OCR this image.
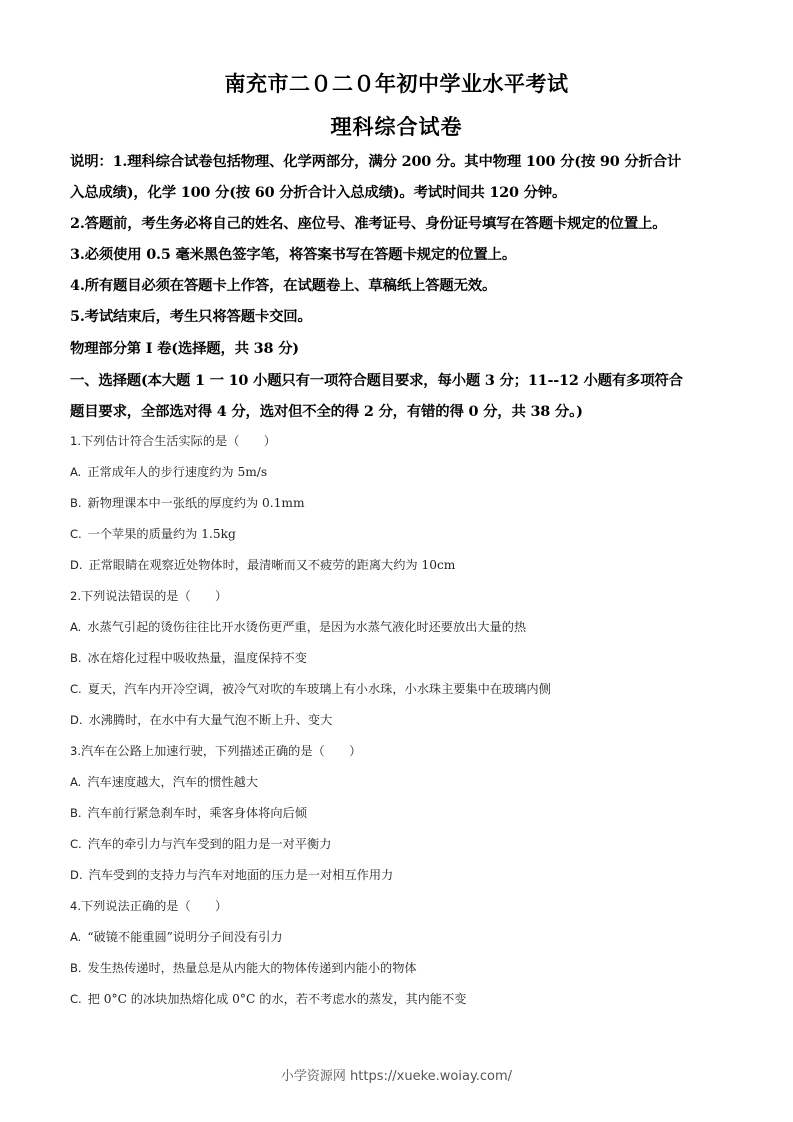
南充市二０二０年初中学业水平考试
理科综合试卷
说明：1.理科综合试卷包括物理、化学两部分，满分 200 分。其中物理 100 分(按 90 分折合计
入总成绩)，化学 100 分(按 60 分折合计入总成绩)。考试时间共 120 分钟。
2.答题前，考生务必将自己的姓名、座位号、准考证号、身份证号填写在答题卡规定的位置上。
3.必须使用 0.5 毫米黑色签字笔，将答案书写在答题卡规定的位置上。
4.所有题目必须在答题卡上作答，在试题卷上、草稿纸上答题无效。
5.考试结束后，考生只将答题卡交回。
物理部分第 I 卷(选择题，共 38 分)
一、选择题(本大题 1 一 10 小题只有一项符合题目要求，每小题 3 分；11--12 小题有多项符合
题目要求，全部选对得 4 分，选对但不全的得 2 分，有错的得 0 分，共 38 分。)
1.下列估计符合生活实际的是（　　）
A. 正常成年人的步行速度约为 5m/s
B. 新物理课本中一张纸的厚度约为 0.1mm
C. 一个苹果的质量约为 1.5kg
D. 正常眼睛在观察近处物体时，最清晰而又不疲劳的距离大约为 10cm
2.下列说法错误的是（　　）
A. 水蒸气引起的烫伤往往比开水烫伤更严重，是因为水蒸气液化时还要放出大量的热
B. 冰在熔化过程中吸收热量，温度保持不变
C. 夏天，汽车内开冷空调，被冷气对吹的车玻璃上有小水珠，小水珠主要集中在玻璃内侧
D. 水沸腾时，在水中有大量气泡不断上升、变大
3.汽车在公路上加速行驶，下列描述正确的是（　　）
A. 汽车速度越大，汽车的惯性越大
B. 汽车前行紧急刹车时，乘客身体将向后倾
C. 汽车的牵引力与汽车受到的阻力是一对平衡力
D. 汽车受到的支持力与汽车对地面的压力是一对相互作用力
4.下列说法正确的是（　　）
A. “破镜不能重圆”说明分子间没有引力
B. 发生热传递时，热量总是从内能大的物体传递到内能小的物体
C. 把 0°C 的冰块加热熔化成 0°C 的水，若不考虑水的蒸发，其内能不变
小学资源网 https://xueke.woiay.com/
